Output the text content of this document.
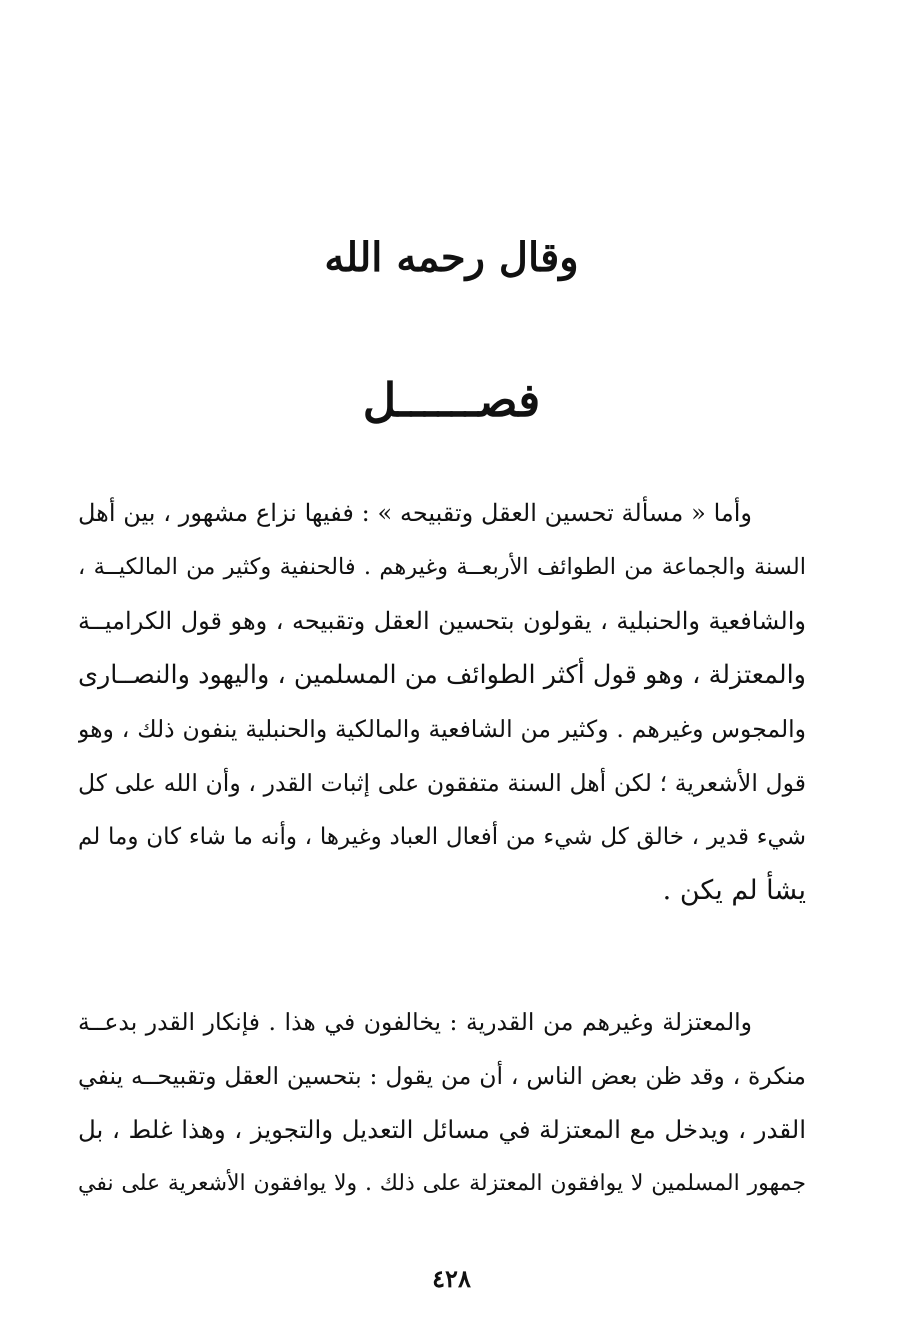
وقال رحمه الله
فصــــــل
وأما « مسألة تحسين العقل وتقبيحه » : ففيها نزاع مشهور ، بين أهل
السنة والجماعة من الطوائف الأربعــة وغيرهم . فالحنفية وكثير من المالكيــة ،
والشافعية والحنبلية ، يقولون بتحسين العقل وتقبيحه ، وهو قول الكراميــة
والمعتزلة ، وهو قول أكثر الطوائف من المسلمين ، واليهود والنصــارى
والمجوس وغيرهم . وكثير من الشافعية والمالكية والحنبلية ينفون ذلك ، وهو
قول الأشعرية ؛ لكن أهل السنة متفقون على إثبات القدر ، وأن الله على كل
شيء قدير ، خالق كل شيء من أفعال العباد وغيرها ، وأنه ما شاء كان وما لم
يشأ لم يكن .
والمعتزلة وغيرهم من القدرية : يخالفون في هذا . فإنكار القدر بدعــة
منكرة ، وقد ظن بعض الناس ، أن من يقول : بتحسين العقل وتقبيحــه ينفي
القدر ، ويدخل مع المعتزلة في مسائل التعديل والتجويز ، وهذا غلط ، بل
جمهور المسلمين لا يوافقون المعتزلة على ذلك . ولا يوافقون الأشعرية على نفي
٤٢٨
